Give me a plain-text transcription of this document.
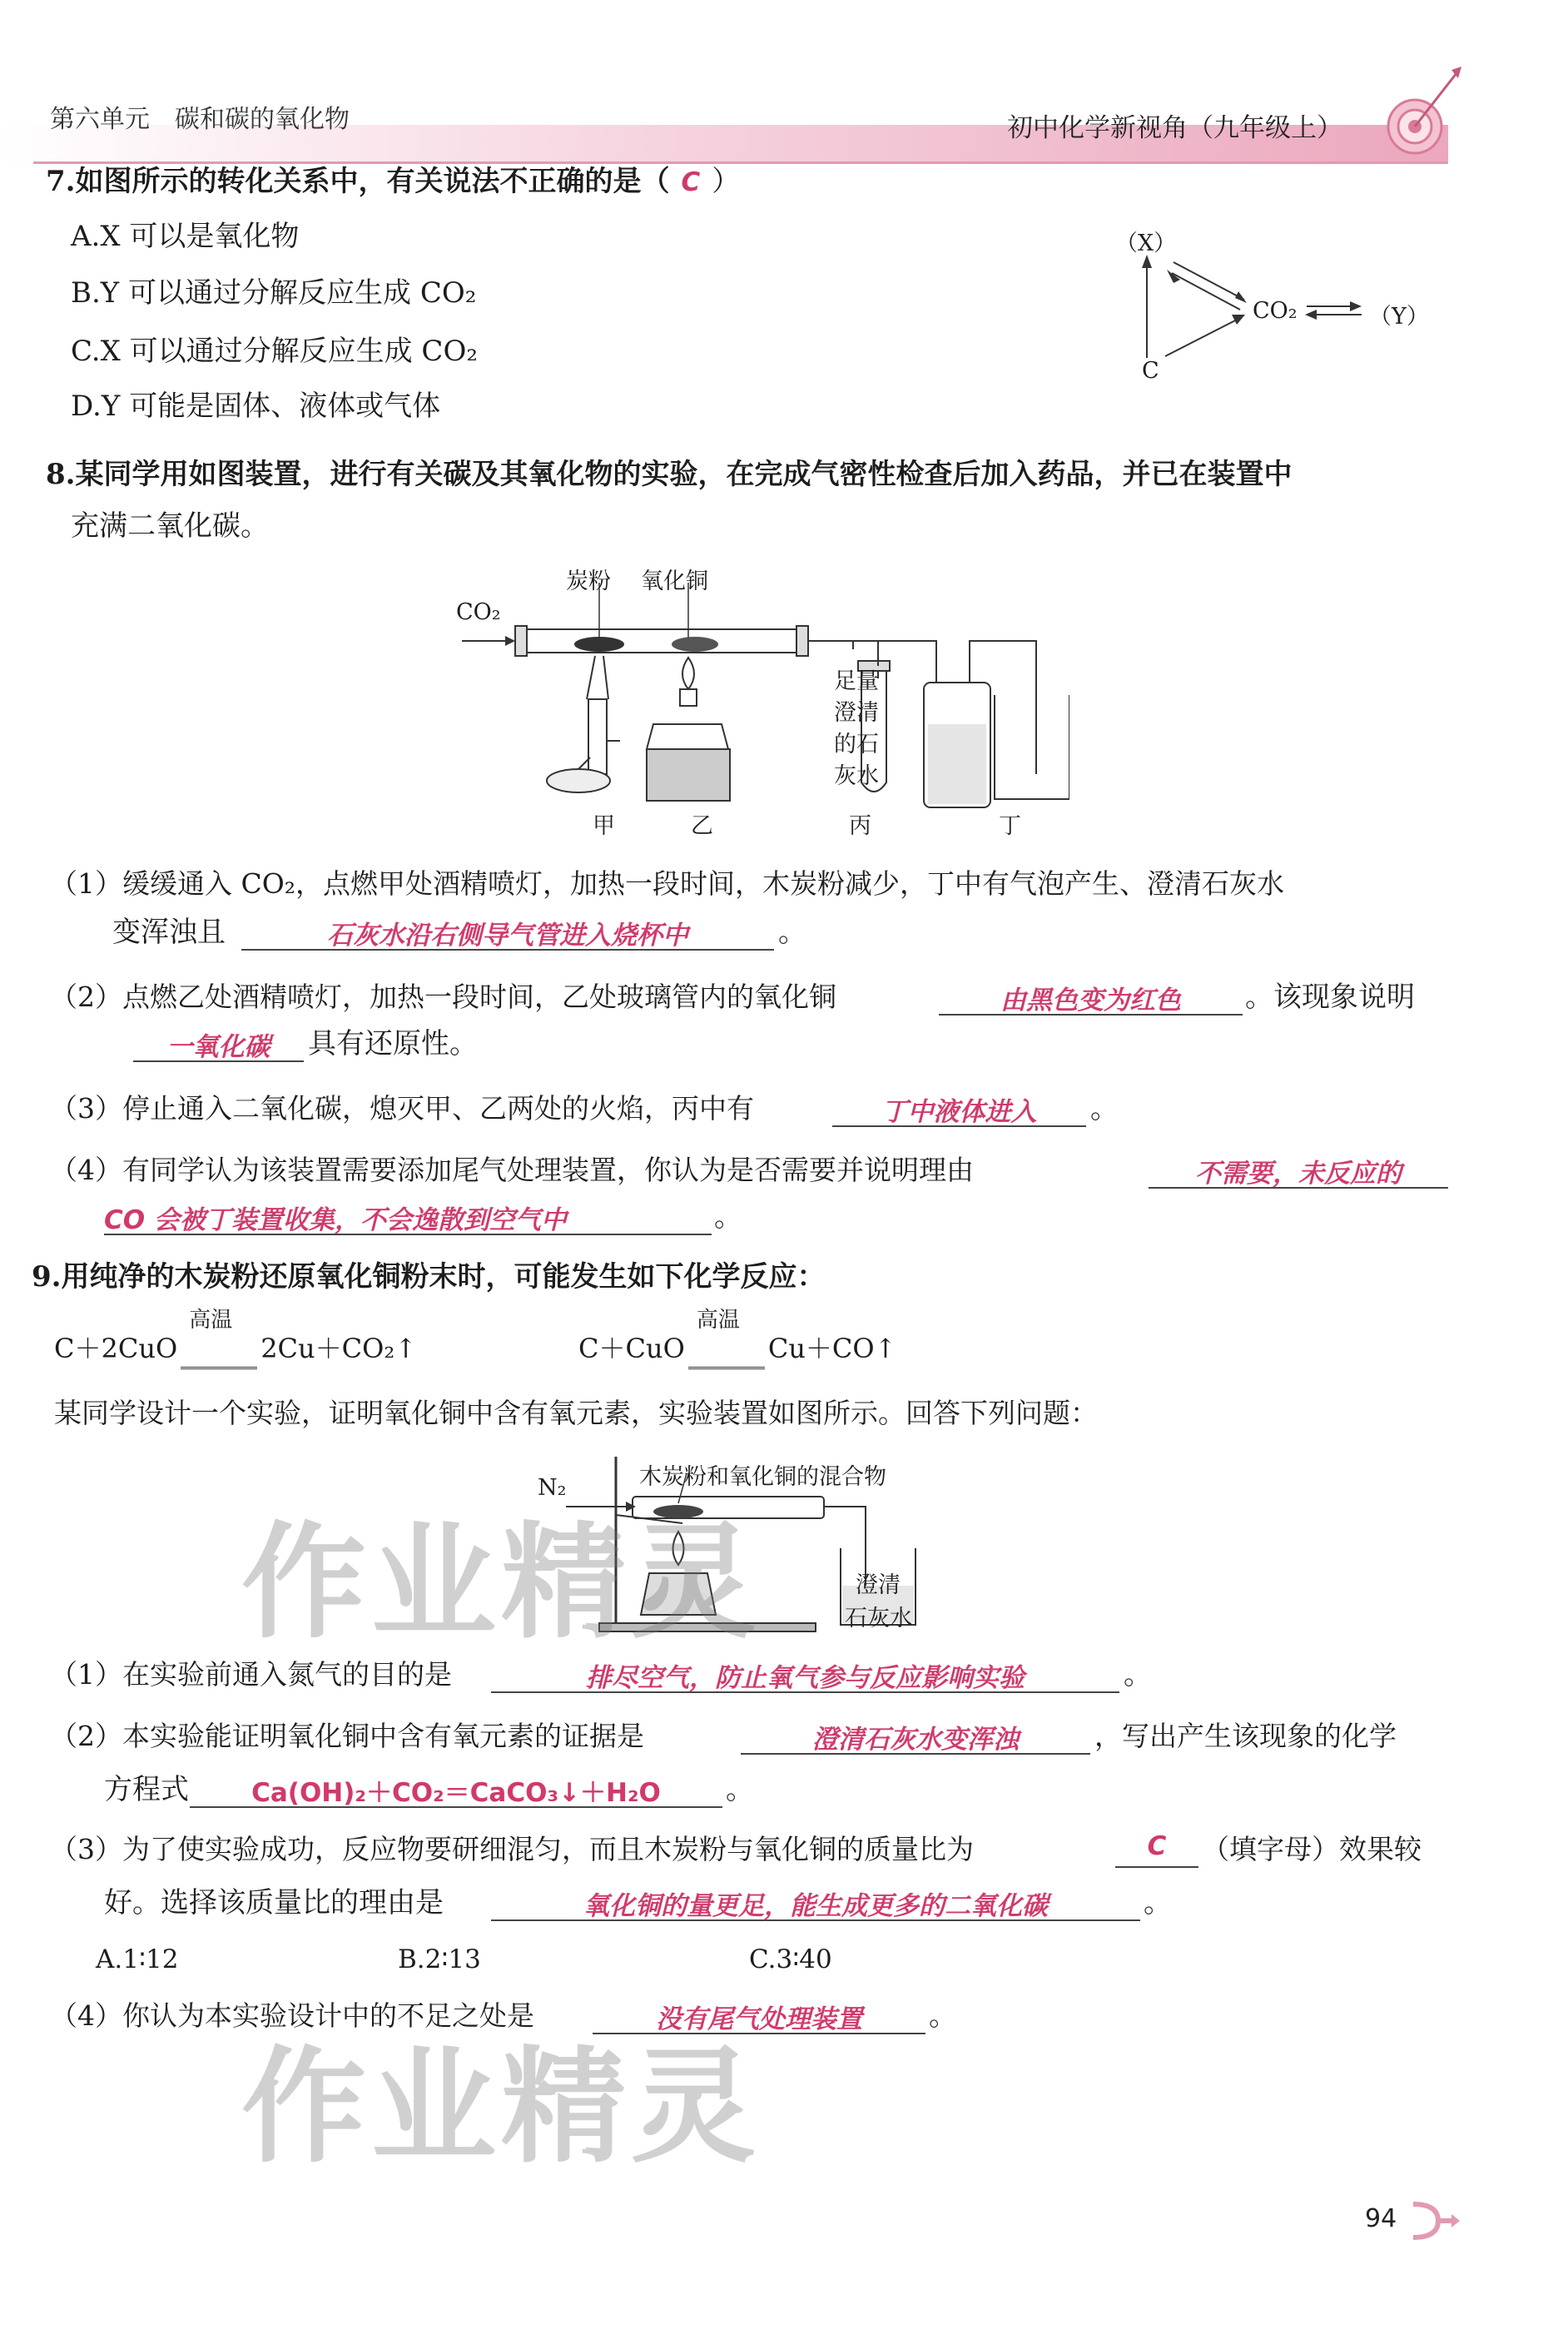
第六单元　碳和碳的氧化物	初中化学新视角（九年级上）
7.如图所示的转化关系中，有关说法不正确的是（ C ）
A.X 可以是氧化物
B.Y 可以通过分解反应生成 CO₂
C.X 可以通过分解反应生成 CO₂
D.Y 可能是固体、液体或气体
（X）
CO₂	（Y）
C
8.某同学用如图装置，进行有关碳及其氧化物的实验，在完成气密性检查后加入药品，并已在装置中
充满二氧化碳。
CO₂
炭粉 氧化铜
足量澄清的石灰水
甲	乙	丙	丁
（1）缓缓通入 CO₂，点燃甲处酒精喷灯，加热一段时间，木炭粉减少，丁中有气泡产生、澄清石灰水
变浑浊且	石灰水沿右侧导气管进入烧杯中	。
（2）点燃乙处酒精喷灯，加热一段时间，乙处玻璃管内的氧化铜	由黑色变为红色	。该现象说明
一氧化碳	具有还原性。
（3）停止通入二氧化碳，熄灭甲、乙两处的火焰，丙中有	丁中液体进入	。
（4）有同学认为该装置需要添加尾气处理装置，你认为是否需要并说明理由	不需要，未反应的
CO 会被丁装置收集，不会逸散到空气中	。
9.用纯净的木炭粉还原氧化铜粉末时，可能发生如下化学反应：
C＋2CuO
高温
2Cu＋CO₂↑	C＋CuO
高温
Cu＋CO↑
某同学设计一个实验，证明氧化铜中含有氧元素，实验装置如图所示。回答下列问题：
N₂	木炭粉和氧化铜的混合物
澄清
石灰水
（1）在实验前通入氮气的目的是	排尽空气，防止氧气参与反应影响实验	。
（2）本实验能证明氧化铜中含有氧元素的证据是	澄清石灰水变浑浊	，写出产生该现象的化学
方程式	Ca(OH)₂＋CO₂＝CaCO₃↓＋H₂O	。
（3）为了使实验成功，反应物要研细混匀，而且木炭粉与氧化铜的质量比为	C	（填字母）效果较
好。选择该质量比的理由是	氧化铜的量更足，能生成更多的二氧化碳	。
A.1∶12	B.2∶13	C.3∶40
（4）你认为本实验设计中的不足之处是	没有尾气处理装置	。
作业精灵
作业精灵
94
